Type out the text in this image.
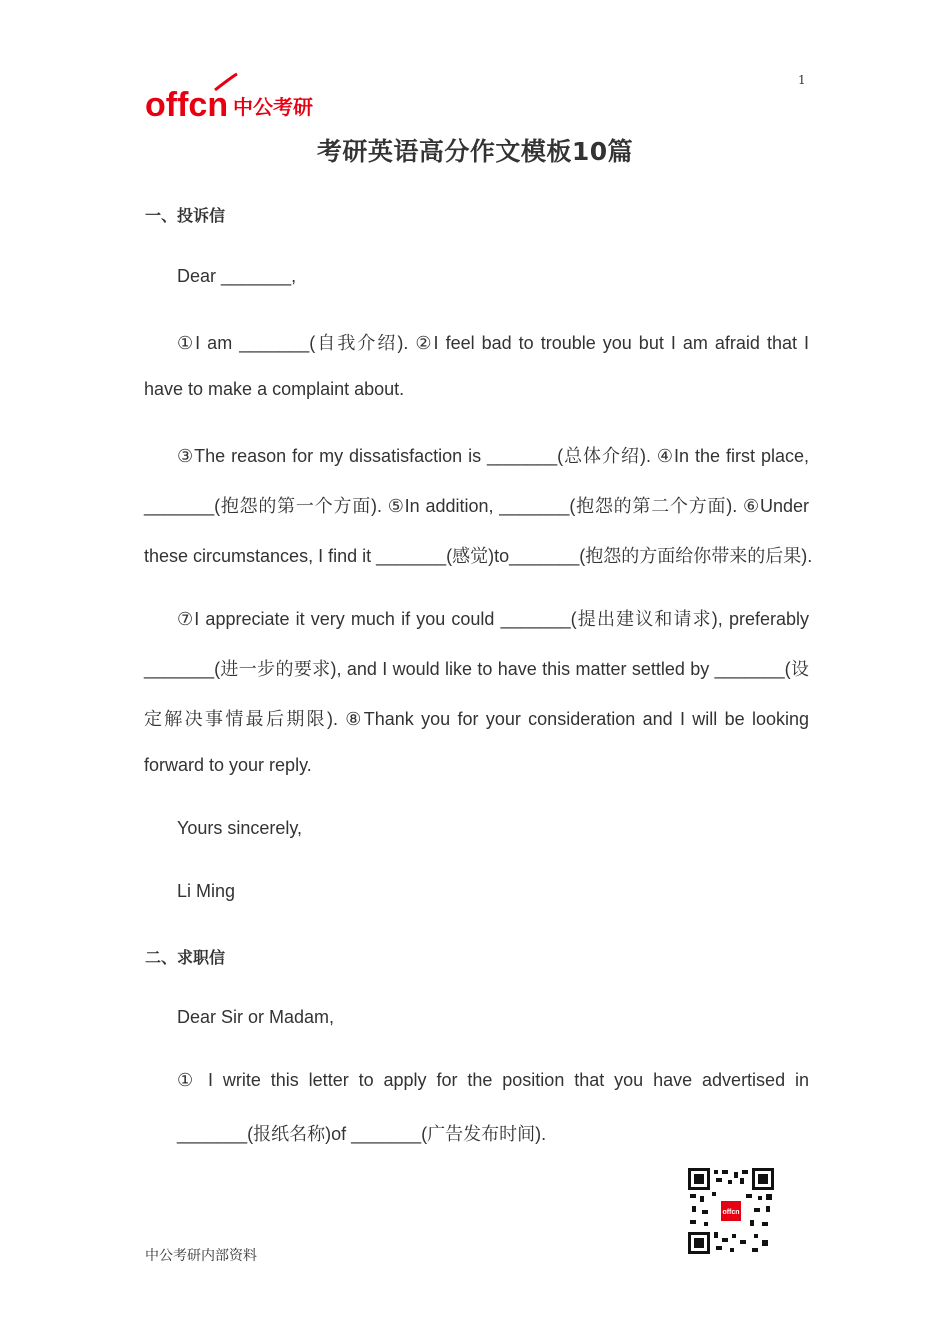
offcn 中公考研
1
考研英语高分作文模板10篇
一、投诉信
Dear _______,
①I am _______(自我介绍). ②I feel bad to trouble you but I am afraid that I
have to make a complaint about.
③The reason for my dissatisfaction is _______(总体介绍). ④In the first place,
_______(抱怨的第一个方面). ⑤In addition, _______(抱怨的第二个方面). ⑥Under
these circumstances, I find it _______(感觉)to_______(抱怨的方面给你带来的后果).
⑦I appreciate it very much if you could _______(提出建议和请求), preferably
_______(进一步的要求), and I would like to have this matter settled by _______(设
定解决事情最后期限). ⑧Thank you for your consideration and I will be looking
forward to your reply.
Yours sincerely,
Li Ming
二、求职信
Dear Sir or Madam,
① I write this letter to apply for the position that you have advertised in
_______(报纸名称)of _______(广告发布时间).
offcn
中公考研内部资料
